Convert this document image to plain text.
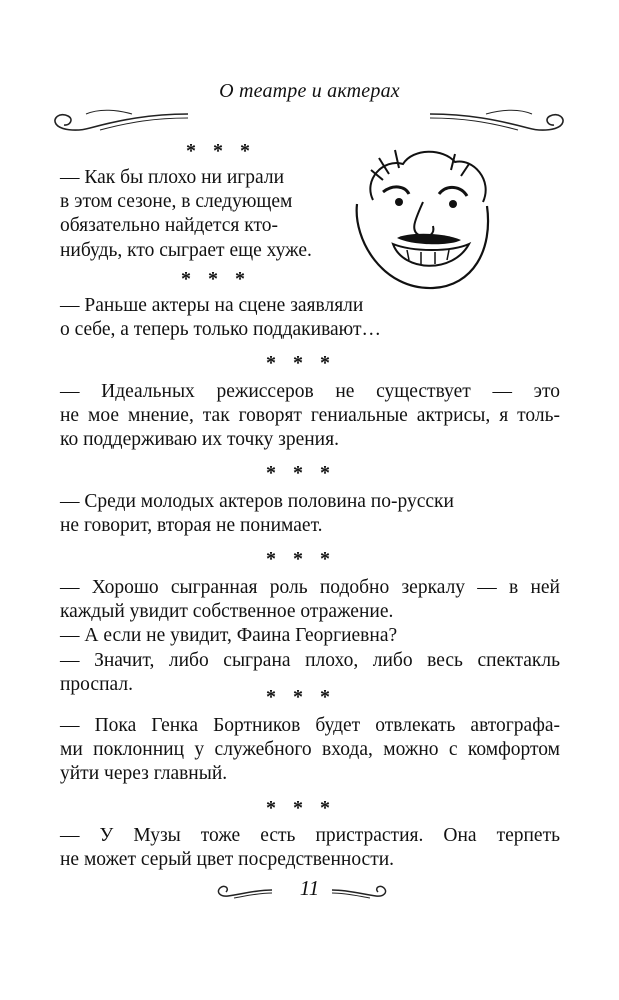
О театре и актерах
* * *
* * *
* * *
* * *
* * *
* * *
* * *

— Как бы плохо ни играли

в этом сезоне, в следующем

обязательно найдется кто-

нибудь, кто сыграет еще хуже.

— Раньше актеры на сцене заявляли

о себе, а теперь только поддакивают…

— Идеальных режиссеров не существует — это

не мое мнение, так говорят гениальные актрисы, я толь-

ко поддерживаю их точку зрения.

— Среди молодых актеров половина по-русски

не говорит, вторая не понимает.

— Хорошо сыгранная роль подобно зеркалу — в ней

каждый увидит собственное отражение.

— А если не увидит, Фаина Георгиевна?

— Значит, либо сыграна плохо, либо весь спектакль

проспал.

— Пока Генка Бортников будет отвлекать автографа-

ми поклонниц у служебного входа, можно с комфортом

уйти через главный.

— У Музы тоже есть пристрастия. Она терпеть

не может серый цвет посредственности.

11
